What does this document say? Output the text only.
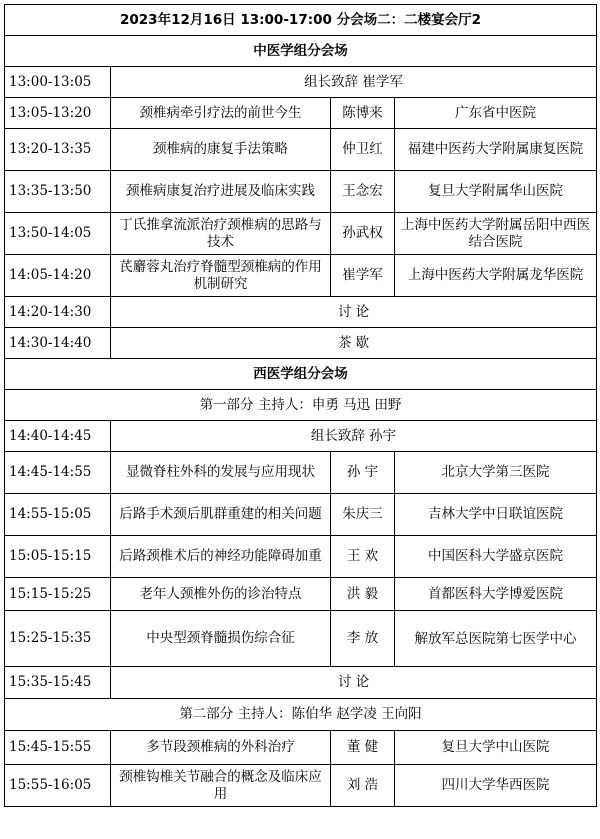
2023年12月16日 13:00-17:00 分会场二：二楼宴会厅2			
中医学组分会场			
13:00-13:05	组长致辞 崔学军		
13:05-13:20	颈椎病牵引疗法的前世今生	陈博来	广东省中医院
13:20-13:35	颈椎病的康复手法策略	仲卫红	福建中医药大学附属康复医院
13:35-13:50	颈椎病康复治疗进展及临床实践	王念宏	复旦大学附属华山医院
13:50-14:05	丁氏推拿流派治疗颈椎病的思路与技术	孙武权	上海中医药大学附属岳阳中西医结合医院
14:05-14:20	芪麝蓉丸治疗脊髓型颈椎病的作用机制研究	崔学军	上海中医药大学附属龙华医院
14:20-14:30	讨 论		
14:30-14:40	茶 歇		
西医学组分会场			
第一部分 主持人：申勇 马迅 田野			
14:40-14:45	组长致辞 孙宇		
14:45-14:55	显微脊柱外科的发展与应用现状	孙 宇	北京大学第三医院
14:55-15:05	后路手术颈后肌群重建的相关问题	朱庆三	吉林大学中日联谊医院
15:05-15:15	后路颈椎术后的神经功能障碍加重	王 欢	中国医科大学盛京医院
15:15-15:25	老年人颈椎外伤的诊治特点	洪 毅	首都医科大学博爱医院
15:25-15:35	中央型颈脊髓损伤综合征	李 放	解放军总医院第七医学中心
15:35-15:45	讨 论		
第二部分 主持人：陈伯华 赵学凌 王向阳			
15:45-15:55	多节段颈椎病的外科治疗	董 健	复旦大学中山医院
15:55-16:05	颈椎钩椎关节融合的概念及临床应用	刘 浩	四川大学华西医院
